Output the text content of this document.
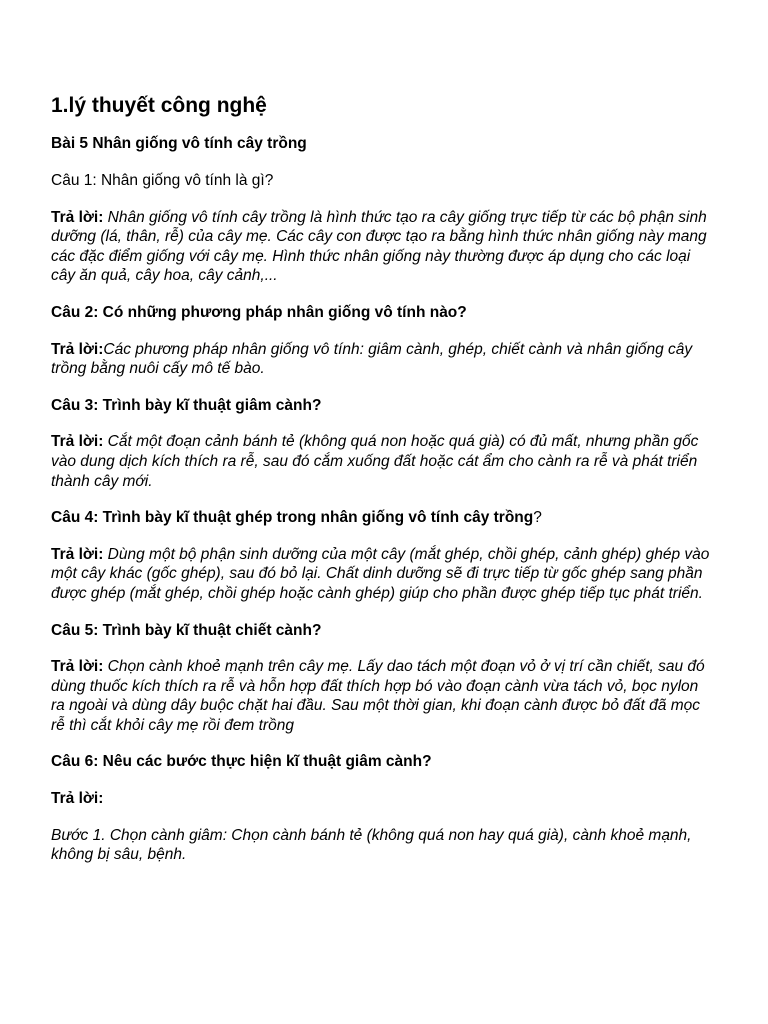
1.lý thuyết công nghệ
Bài 5 Nhân giống vô tính cây trồng
Câu 1: Nhân giống vô tính là gì?
Trả lời: Nhân giống vô tính cây trồng là hình thức tạo ra cây giống trực tiếp từ các bộ phận sinh dưỡng (lá, thân, rễ) của cây mẹ. Các cây con được tạo ra bằng hình thức nhân giống này mang các đặc điểm giống với cây mẹ. Hình thức nhân giống này thường được áp dụng cho các loại cây ăn quả, cây hoa, cây cảnh,...
Câu 2: Có những phương pháp nhân giống vô tính nào?
Trả lời:Các phương pháp nhân giống vô tính: giâm cành, ghép, chiết cành và nhân giống cây trồng bằng nuôi cấy mô tế bào.
Câu 3: Trình bày kĩ thuật giâm cành?
Trả lời: Cắt một đoạn cảnh bánh tẻ (không quá non hoặc quá già) có đủ mất, nhưng phần gốc vào dung dịch kích thích ra rễ, sau đó cắm xuống đất hoặc cát ẩm cho cành ra rễ và phát triển thành cây mới.
Câu 4: Trình bày kĩ thuật ghép trong nhân giống vô tính cây trồng?
Trả lời: Dùng một bộ phận sinh dưỡng của một cây (mắt ghép, chồi ghép, cảnh ghép) ghép vào một cây khác (gốc ghép), sau đó bỏ lại. Chất dinh dưỡng sẽ đi trực tiếp từ gốc ghép sang phần được ghép (mắt ghép, chồi ghép hoặc cành ghép) giúp cho phần được ghép tiếp tục phát triển.
Câu 5: Trình bày kĩ thuật chiết cành?
Trả lời: Chọn cành khoẻ mạnh trên cây mẹ. Lấy dao tách một đoạn vỏ ở vị trí cần chiết, sau đó dùng thuốc kích thích ra rễ và hỗn hợp đất thích hợp bó vào đoạn cành vừa tách vỏ, bọc nylon ra ngoài và dùng dây buộc chặt hai đầu. Sau một thời gian, khi đoạn cành được bỏ đất đã mọc rễ thì cắt khỏi cây mẹ rồi đem trồng
Câu 6: Nêu các bước thực hiện kĩ thuật giâm cành?
Trả lời:
Bước 1. Chọn cành giâm: Chọn cành bánh tẻ (không quá non hay quá già), cành khoẻ mạnh, không bị sâu, bệnh.
